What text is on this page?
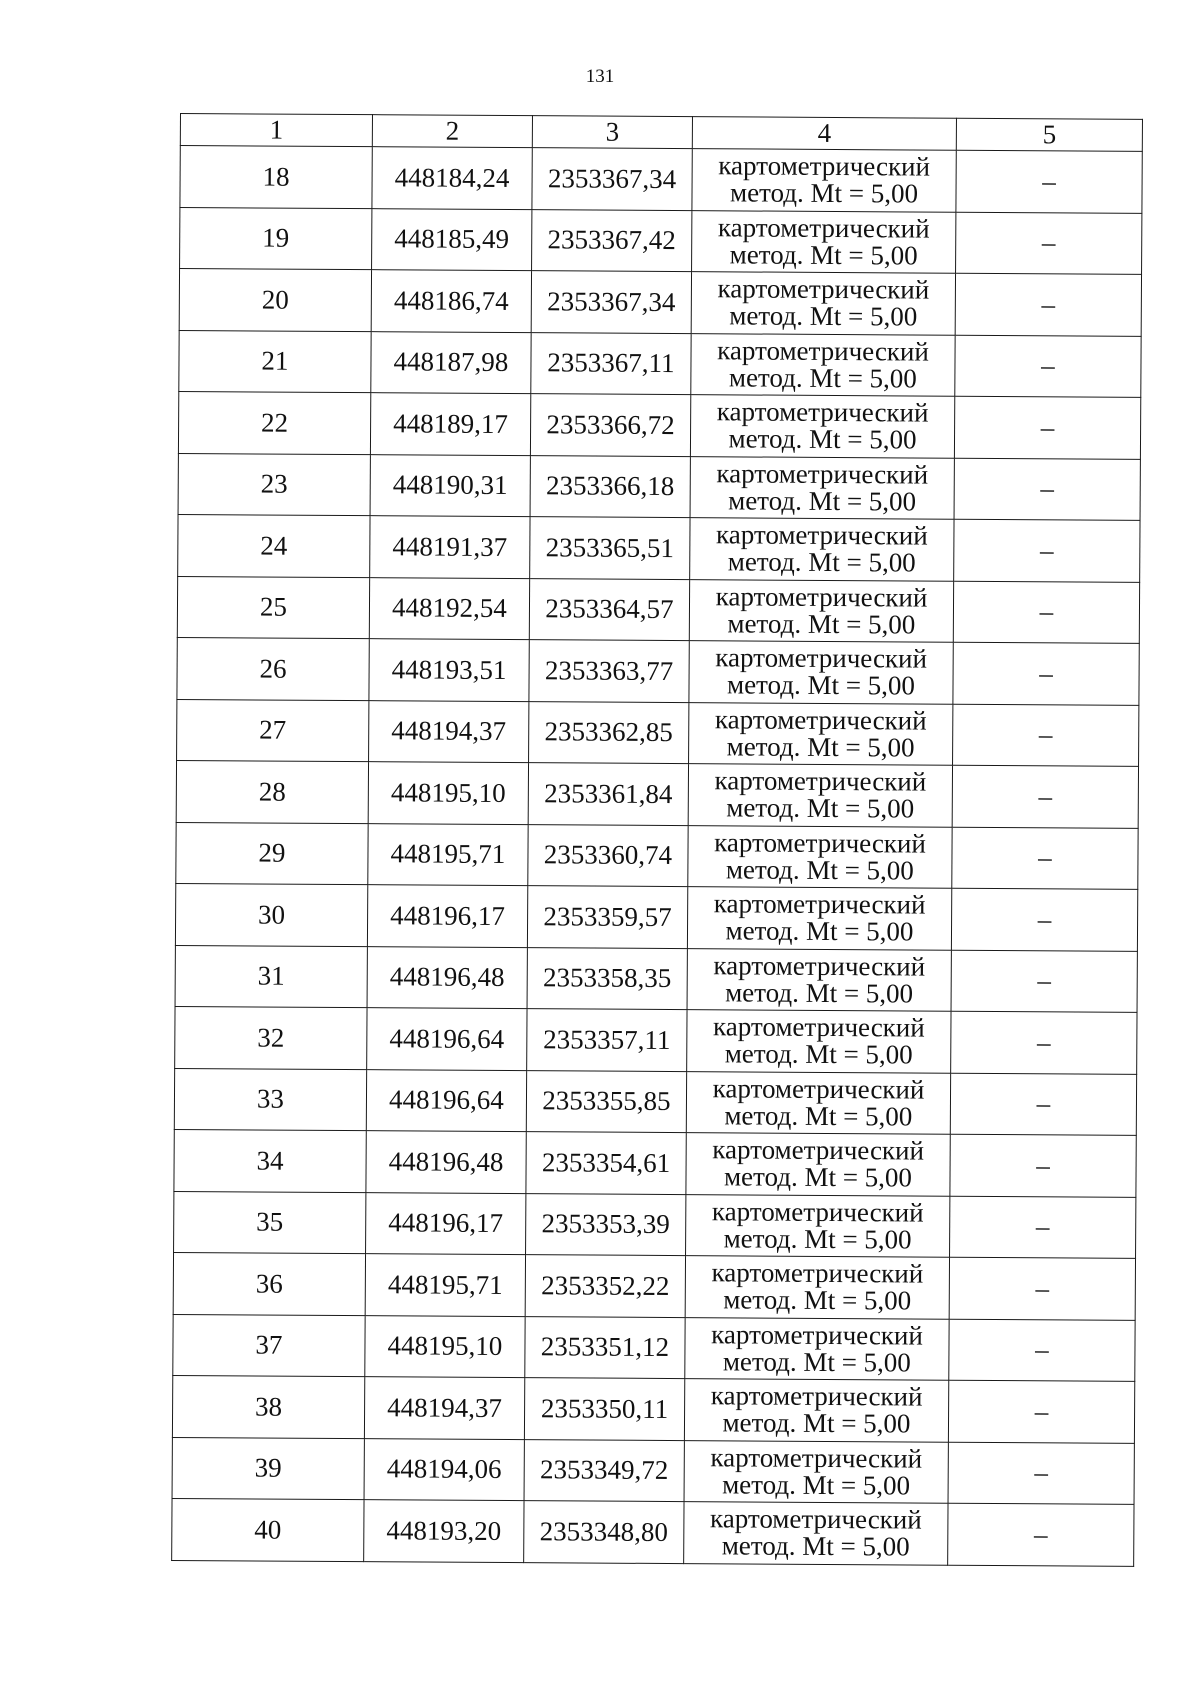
131
1	2	3	4	5
18	448184,24	2353367,34	картометрический
метод. Mt = 5,00	–
19	448185,49	2353367,42	картометрический
метод. Mt = 5,00	–
20	448186,74	2353367,34	картометрический
метод. Mt = 5,00	–
21	448187,98	2353367,11	картометрический
метод. Mt = 5,00	–
22	448189,17	2353366,72	картометрический
метод. Mt = 5,00	–
23	448190,31	2353366,18	картометрический
метод. Mt = 5,00	–
24	448191,37	2353365,51	картометрический
метод. Mt = 5,00	–
25	448192,54	2353364,57	картометрический
метод. Mt = 5,00	–
26	448193,51	2353363,77	картометрический
метод. Mt = 5,00	–
27	448194,37	2353362,85	картометрический
метод. Mt = 5,00	–
28	448195,10	2353361,84	картометрический
метод. Mt = 5,00	–
29	448195,71	2353360,74	картометрический
метод. Mt = 5,00	–
30	448196,17	2353359,57	картометрический
метод. Mt = 5,00	–
31	448196,48	2353358,35	картометрический
метод. Mt = 5,00	–
32	448196,64	2353357,11	картометрический
метод. Mt = 5,00	–
33	448196,64	2353355,85	картометрический
метод. Mt = 5,00	–
34	448196,48	2353354,61	картометрический
метод. Mt = 5,00	–
35	448196,17	2353353,39	картометрический
метод. Mt = 5,00	–
36	448195,71	2353352,22	картометрический
метод. Mt = 5,00	–
37	448195,10	2353351,12	картометрический
метод. Mt = 5,00	–
38	448194,37	2353350,11	картометрический
метод. Mt = 5,00	–
39	448194,06	2353349,72	картометрический
метод. Mt = 5,00	–
40	448193,20	2353348,80	картометрический
метод. Mt = 5,00	–
